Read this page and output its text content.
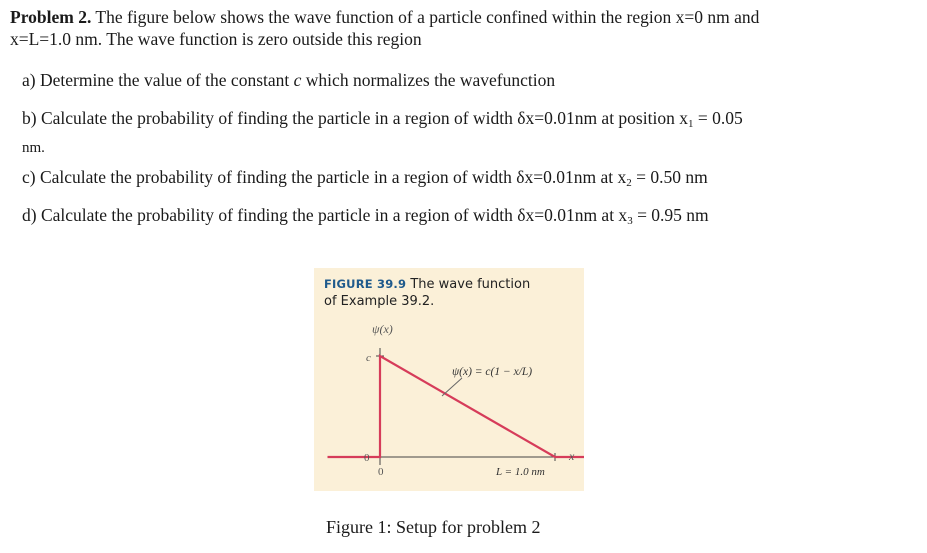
Problem 2. The figure below shows the wave function of a particle confined within the region x=0 nm and
x=L=1.0 nm. The wave function is zero outside this region
a) Determine the value of the constant c which normalizes the wavefunction
b) Calculate the probability of finding the particle in a region of width δx=0.01nm at position $x_1 = 0.05$
nm.
c) Calculate the probability of finding the particle in a region of width δx=0.01nm at $x_2 = 0.50$ nm
d) Calculate the probability of finding the particle in a region of width δx=0.01nm at $x_3 = 0.95$ nm
FIGURE 39.9 The wave function
of Example 39.2.
ψ(x)
c
0
0	L = 1.0 nm
x
ψ(x) = c(1 − x/L)
Figure 1: Setup for problem 2
